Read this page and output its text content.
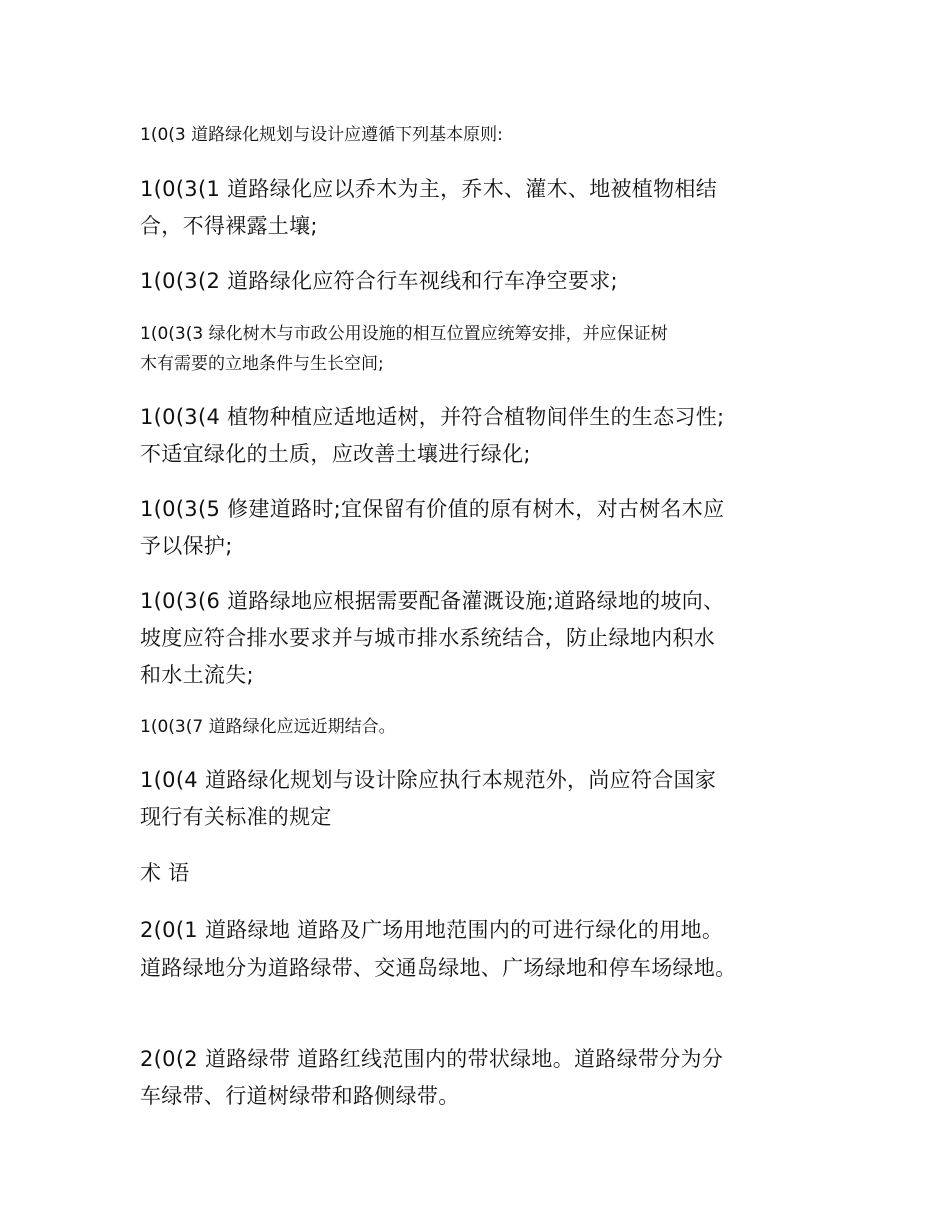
1(0(3 道路绿化规划与设计应遵循下列基本原则:

1(0(3(1 道路绿化应以乔木为主，乔木、灌木、地被植物相结

合，不得裸露土壤;

1(0(3(2 道路绿化应符合行车视线和行车净空要求;

1(0(3(3 绿化树木与市政公用设施的相互位置应统筹安排，并应保证树

木有需要的立地条件与生长空间;

1(0(3(4 植物种植应适地适树，并符合植物间伴生的生态习性;

不适宜绿化的土质，应改善土壤进行绿化;

1(0(3(5 修建道路时;宜保留有价值的原有树木，对古树名木应

予以保护;

1(0(3(6 道路绿地应根据需要配备灌溉设施;道路绿地的坡向、

坡度应符合排水要求并与城市排水系统结合，防止绿地内积水

和水土流失;

1(0(3(7 道路绿化应远近期结合。

1(0(4 道路绿化规划与设计除应执行本规范外，尚应符合国家

现行有关标准的规定

术 语

2(0(1 道路绿地 道路及广场用地范围内的可进行绿化的用地。

道路绿地分为道路绿带、交通岛绿地、广场绿地和停车场绿地。

2(0(2 道路绿带 道路红线范围内的带状绿地。道路绿带分为分

车绿带、行道树绿带和路侧绿带。
